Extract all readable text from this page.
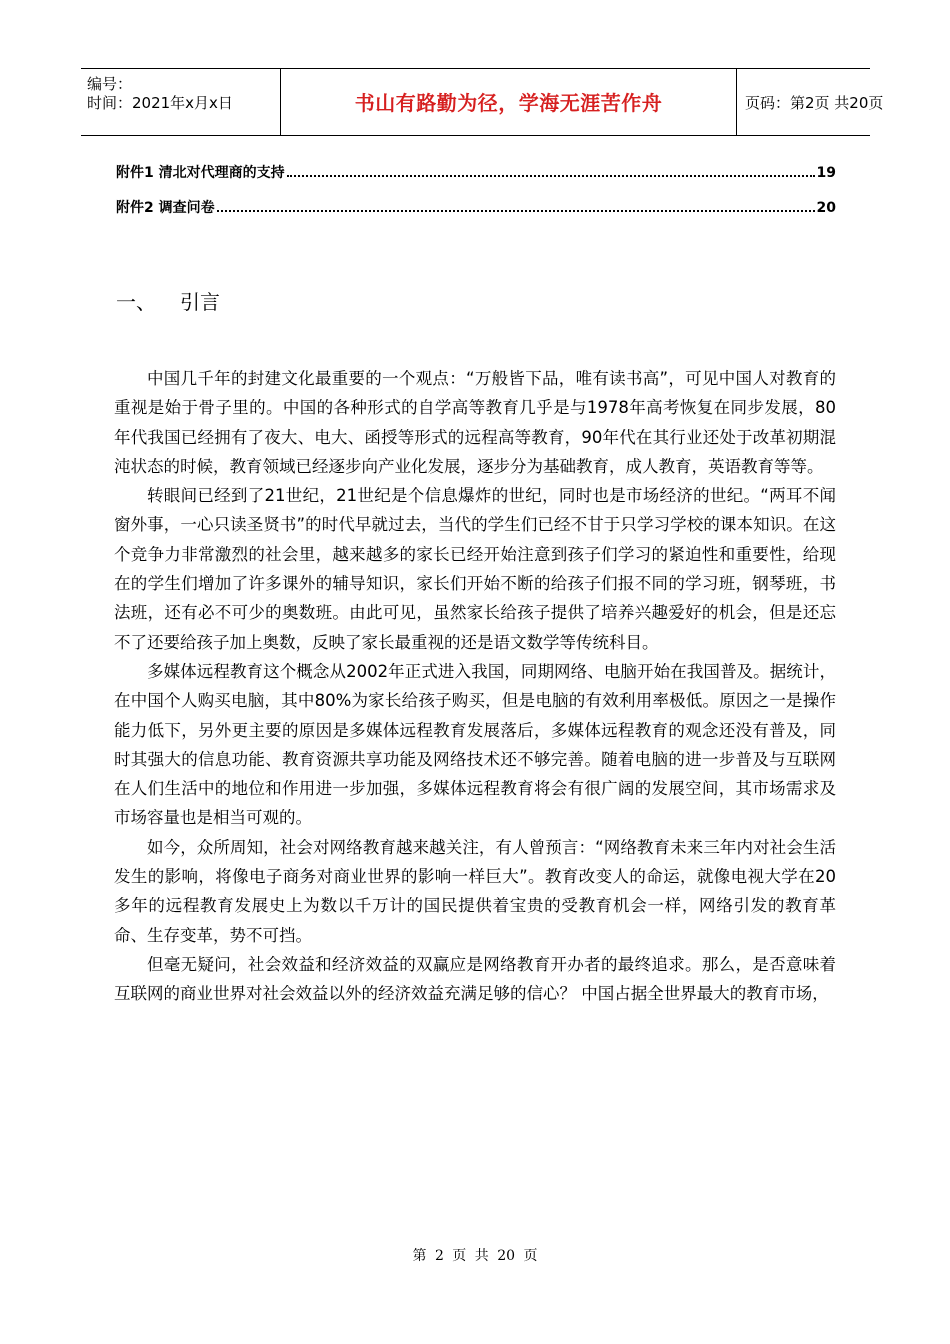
编号：
时间：2021年x月x日	书山有路勤为径，学海无涯苦作舟	页码：第2页 共20页
附件1 清北对代理商的支持	19
附件2 调查问卷	20
一、 引言

中国几千年的封建文化最重要的一个观点：“万般皆下品，唯有读书高”，可见中国人对教育的重视是始于骨子里的。中国的各种形式的自学高等教育几乎是与1978年高考恢复在同步发展，80年代我国已经拥有了夜大、电大、函授等形式的远程高等教育，90年代在其行业还处于改革初期混沌状态的时候，教育领域已经逐步向产业化发展，逐步分为基础教育，成人教育，英语教育等等。

转眼间已经到了21世纪，21世纪是个信息爆炸的世纪，同时也是市场经济的世纪。“两耳不闻窗外事，一心只读圣贤书”的时代早就过去，当代的学生们已经不甘于只学习学校的课本知识。在这个竞争力非常激烈的社会里，越来越多的家长已经开始注意到孩子们学习的紧迫性和重要性，给现在的学生们增加了许多课外的辅导知识，家长们开始不断的给孩子们报不同的学习班，钢琴班，书法班，还有必不可少的奥数班。由此可见，虽然家长给孩子提供了培养兴趣爱好的机会，但是还忘不了还要给孩子加上奥数，反映了家长最重视的还是语文数学等传统科目。

多媒体远程教育这个概念从2002年正式进入我国，同期网络、电脑开始在我国普及。据统计，在中国个人购买电脑，其中80%为家长给孩子购买，但是电脑的有效利用率极低。原因之一是操作能力低下，另外更主要的原因是多媒体远程教育发展落后，多媒体远程教育的观念还没有普及，同时其强大的信息功能、教育资源共享功能及网络技术还不够完善。随着电脑的进一步普及与互联网在人们生活中的地位和作用进一步加强，多媒体远程教育将会有很广阔的发展空间，其市场需求及市场容量也是相当可观的。

如今，众所周知，社会对网络教育越来越关注，有人曾预言：“网络教育未来三年内对社会生活发生的影响，将像电子商务对商业世界的影响一样巨大”。教育改变人的命运，就像电视大学在20多年的远程教育发展史上为数以千万计的国民提供着宝贵的受教育机会一样，网络引发的教育革命、生存变革，势不可挡。

但毫无疑问，社会效益和经济效益的双赢应是网络教育开办者的最终追求。那么，是否意味着互联网的商业世界对社会效益以外的经济效益充满足够的信心？ 中国占据全世界最大的教育市场，

第 2 页 共 20 页
